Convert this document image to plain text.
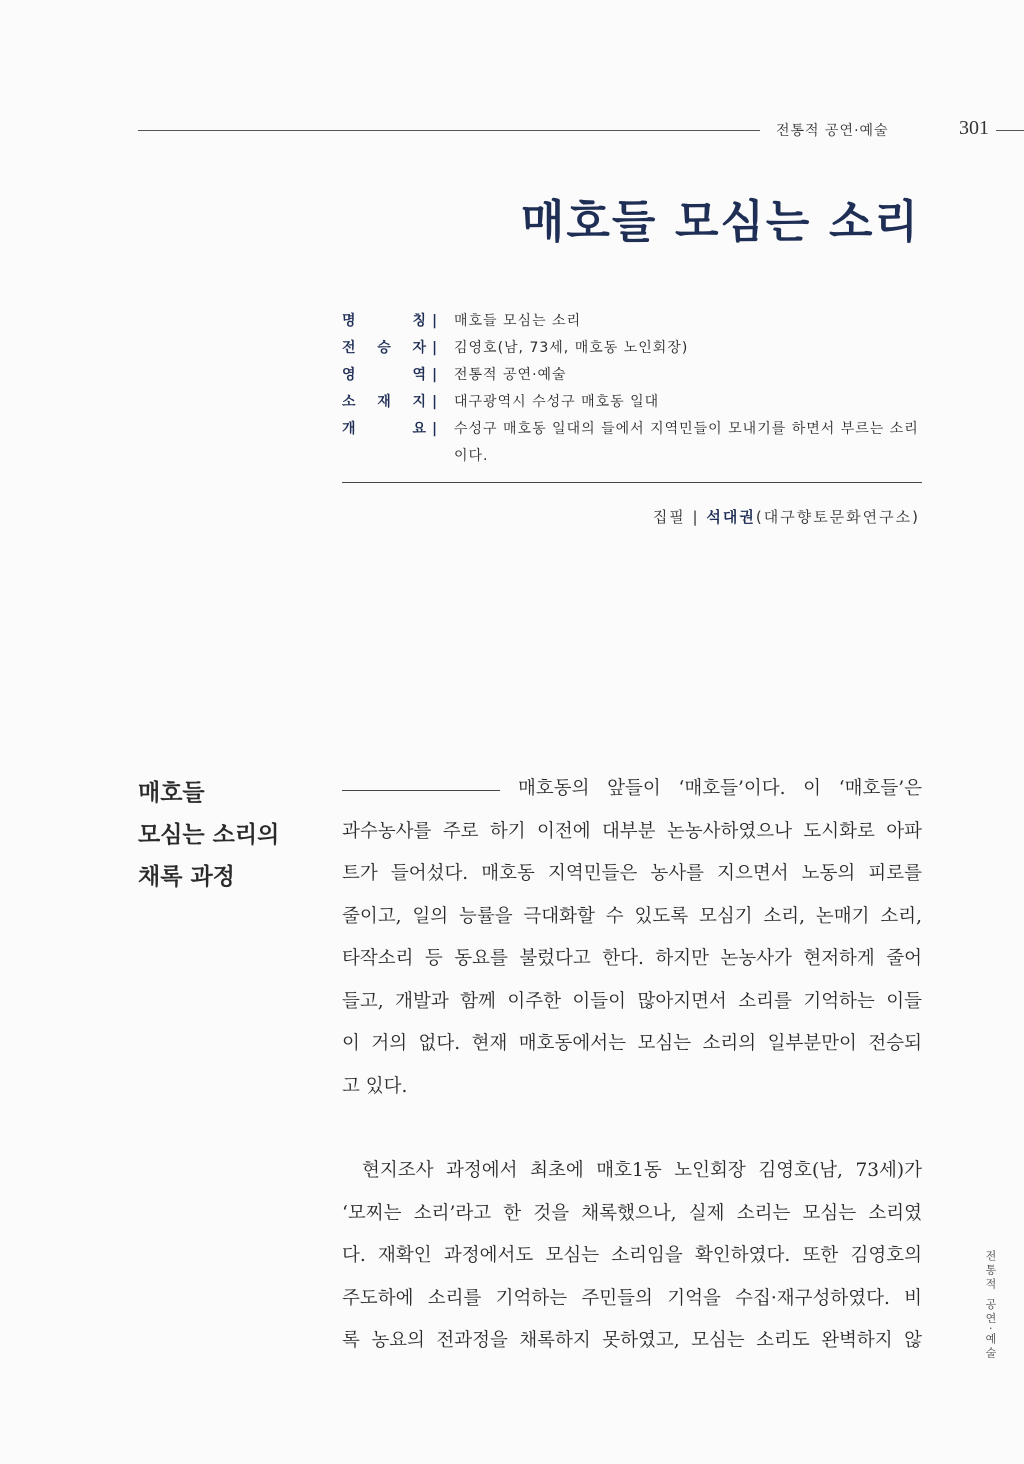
전통적 공연·예술	301
매호들 모심는 소리
명	칭 |	매호들 모심는 소리
전 승 자 |	김영호(남, 73세, 매호동 노인회장)
영	역 |	전통적 공연·예술
소 재 지 |	대구광역시 수성구 매호동 일대
개	요 |	수성구 매호동 일대의 들에서 지역민들이 모내기를 하면서 부르는 소리 이다.
집필 | 석대권(대구향토문화연구소)
매호들
모심는 소리의
채록 과정
매호동의 앞들이 ‘매호들’이다. 이 ‘매호들’은
과수농사를 주로 하기 이전에 대부분 논농사하였으나 도시화로 아파
트가 들어섰다. 매호동 지역민들은 농사를 지으면서 노동의 피로를
줄이고, 일의 능률을 극대화할 수 있도록 모심기 소리, 논매기 소리,
타작소리 등 동요를 불렀다고 한다. 하지만 논농사가 현저하게 줄어
들고, 개발과 함께 이주한 이들이 많아지면서 소리를 기억하는 이들
이 거의 없다. 현재 매호동에서는 모심는 소리의 일부분만이 전승되
고 있다.
현지조사 과정에서 최초에 매호1동 노인회장 김영호(남, 73세)가
‘모찌는 소리’라고 한 것을 채록했으나, 실제 소리는 모심는 소리였
다. 재확인 과정에서도 모심는 소리임을 확인하였다. 또한 김영호의
주도하에 소리를 기억하는 주민들의 기억을 수집·재구성하였다. 비
록 농요의 전과정을 채록하지 못하였고, 모심는 소리도 완벽하지 않	전통적 공연·예술
